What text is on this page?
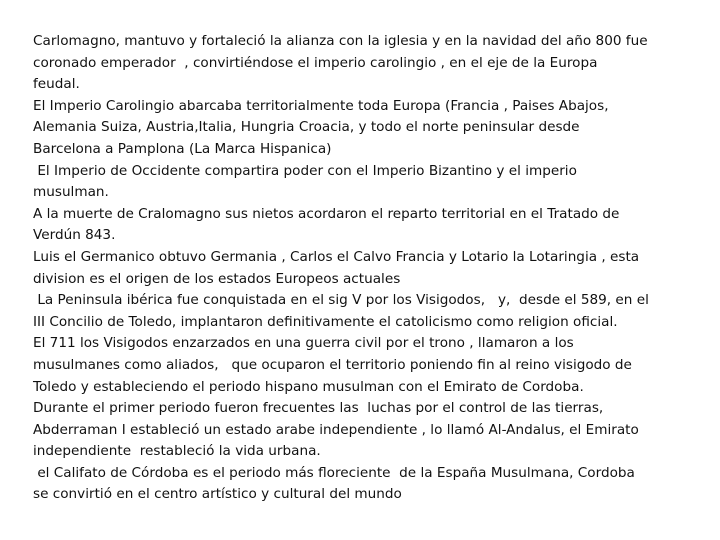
Carlomagno, mantuvo y fortaleció la alianza con la iglesia y en la navidad del año 800 fue
coronado emperador  , convirtiéndose el imperio carolingio , en el eje de la Europa
feudal.
El Imperio Carolingio abarcaba territorialmente toda Europa (Francia , Paises Abajos,
Alemania Suiza, Austria,Italia, Hungria Croacia, y todo el norte peninsular desde
Barcelona a Pamplona (La Marca Hispanica)
El Imperio de Occidente compartira poder con el Imperio Bizantino y el imperio
musulman.
A la muerte de Cralomagno sus nietos acordaron el reparto territorial en el Tratado de
Verdún 843.
Luis el Germanico obtuvo Germania , Carlos el Calvo Francia y Lotario la Lotaringia , esta
division es el origen de los estados Europeos actuales
La Peninsula ibérica fue conquistada en el sig V por los Visigodos,   y,  desde el 589, en el
III Concilio de Toledo, implantaron definitivamente el catolicismo como religion oficial.
El 711 los Visigodos enzarzados en una guerra civil por el trono , llamaron a los
musulmanes como aliados,   que ocuparon el territorio poniendo fin al reino visigodo de
Toledo y estableciendo el periodo hispano musulman con el Emirato de Cordoba.
Durante el primer periodo fueron frecuentes las  luchas por el control de las tierras,
Abderraman I estableció un estado arabe independiente , lo llamó Al-Andalus, el Emirato
independiente  restableció la vida urbana.
el Califato de Córdoba es el periodo más floreciente  de la España Musulmana, Cordoba
se convirtió en el centro artístico y cultural del mundo
